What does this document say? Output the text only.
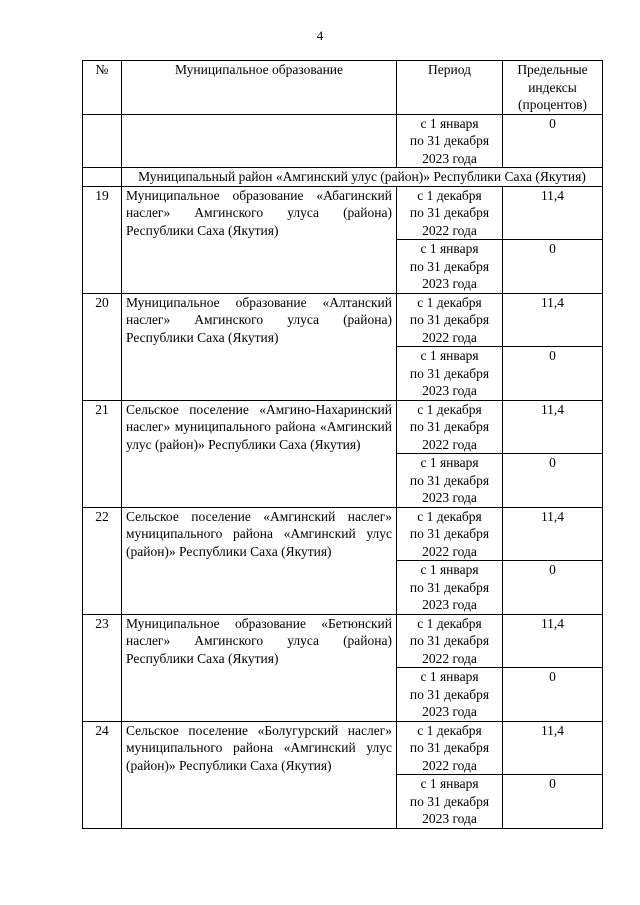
4
№	Муниципальное образование	Период	Предельные индексы (процентов)
		с 1 января
по 31 декабря
2023 года	0
	Муниципальный район «Амгинский улус (район)» Республики Саха (Якутия)		
19	Муниципальное образование «Абагинский наслег» Амгинского улуса (района) Республики Саха (Якутия)	с 1 декабря
по 31 декабря
2022 года	11,4
		с 1 января
по 31 декабря
2023 года	0
20	Муниципальное образование «Алтанский наслег» Амгинского улуса (района) Республики Саха (Якутия)	с 1 декабря
по 31 декабря
2022 года	11,4
		с 1 января
по 31 декабря
2023 года	0
21	Сельское поселение «Амгино-Нахаринский наслег» муниципального района «Амгинский улус (район)» Республики Саха (Якутия)	с 1 декабря
по 31 декабря
2022 года	11,4
		с 1 января
по 31 декабря
2023 года	0
22	Сельское поселение «Амгинский наслег» муниципального района «Амгинский улус (район)» Республики Саха (Якутия)	с 1 декабря
по 31 декабря
2022 года	11,4
		с 1 января
по 31 декабря
2023 года	0
23	Муниципальное образование «Бетюнский наслег» Амгинского улуса (района) Республики Саха (Якутия)	с 1 декабря
по 31 декабря
2022 года	11,4
		с 1 января
по 31 декабря
2023 года	0
24	Сельское поселение «Болугурский наслег» муниципального района «Амгинский улус (район)» Республики Саха (Якутия)	с 1 декабря
по 31 декабря
2022 года	11,4
		с 1 января
по 31 декабря
2023 года	0
